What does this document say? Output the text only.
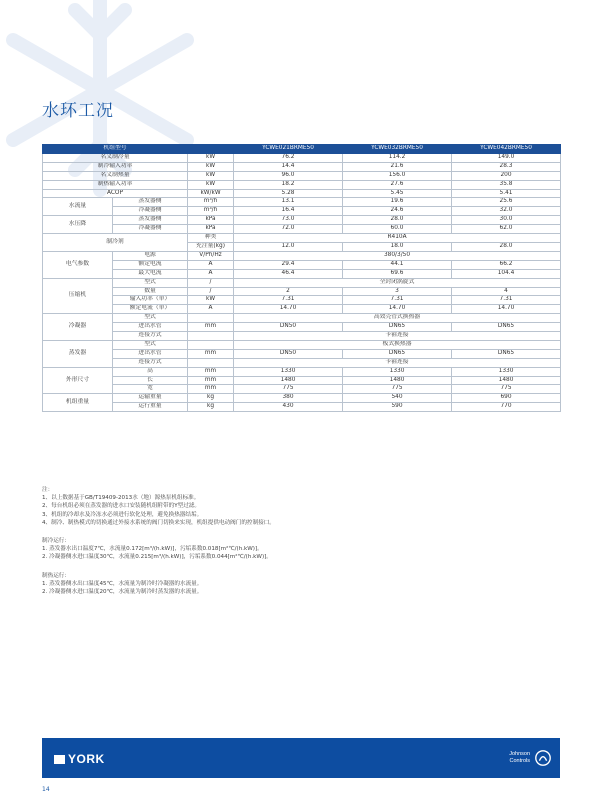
水环工况
机组型号			YCWE021BRME50	YCWE032BRME50	YCWE042BRME50
名义制冷量		kW	76.2	114.2	149.0
制冷输入功率		kW	14.4	21.6	28.3
名义制热量		kW	96.0	156.0	200
制热输入功率		kW	18.2	27.6	35.8
ACOP		kW/kW	5.28	5.45	5.41
水流量	蒸发器侧	m³/h	13.1	19.6	25.6
	冷凝器侧	m³/h	16.4	24.6	32.0
水压降	蒸发器侧	kPa	73.0	28.0	30.0
	冷凝器侧	kPa	72.0	60.0	62.0
制冷剂		种类	R410A		
		充注量(kg)	12.0	18.0	28.0
电气参数	电源	V/Ph/Hz	380/3/50		
	额定电流	A	29.4	44.1	66.2
	最大电流	A	46.4	69.6	104.4
压缩机	型式	/	全封闭涡旋式		
	数量	/	2	3	4
	输入功率（单）	kW	7.31	7.31	7.31
	额定电流（单）	A	14.70	14.70	14.70
冷凝器	型式		高效壳管式换热器		
	进出水管	mm	DN50	DN65	DN65
	连接方式		卡箍连接		
蒸发器	型式		板式换热器		
	进出水管	mm	DN50	DN65	DN65
	连接方式		卡箍连接		
外形尺寸	高	mm	1330	1330	1330
	长	mm	1480	1480	1480
	宽	mm	775	775	775
机组重量	运输重量	kg	380	540	690
	运行重量	kg	430	590	770
注：
1、以上数据基于GB/T19409-2013水（地）源热泵机组标准。
2、每台机组必须在蒸发器的进水口安装随机组附带的Y型过滤。
3、机组的冷却水及冷冻水必须进行软化处理，避免换热器结垢。
4、制冷、制热模式的切换通过外接水系统的阀门切换来实现，机组提供电动阀门的控制接口。
制冷运行：
1. 蒸发器水出口温度7℃，水流量0.172[m³/(h.kW)]，污垢系数0.018[m²℃/(h.kW)]。
2. 冷凝器侧水进口温度30℃，水流量0.215[m³/(h.kW)]，污垢系数0.044[m²℃/(h.kW)]。
制热运行：
1. 蒸发器侧水出口温度45℃，水流量为制冷时冷凝器的水流量。
2. 冷凝器侧水进口温度20℃，水流量为制冷时蒸发器的水流量。
YORK	Johnson
Controls
14
